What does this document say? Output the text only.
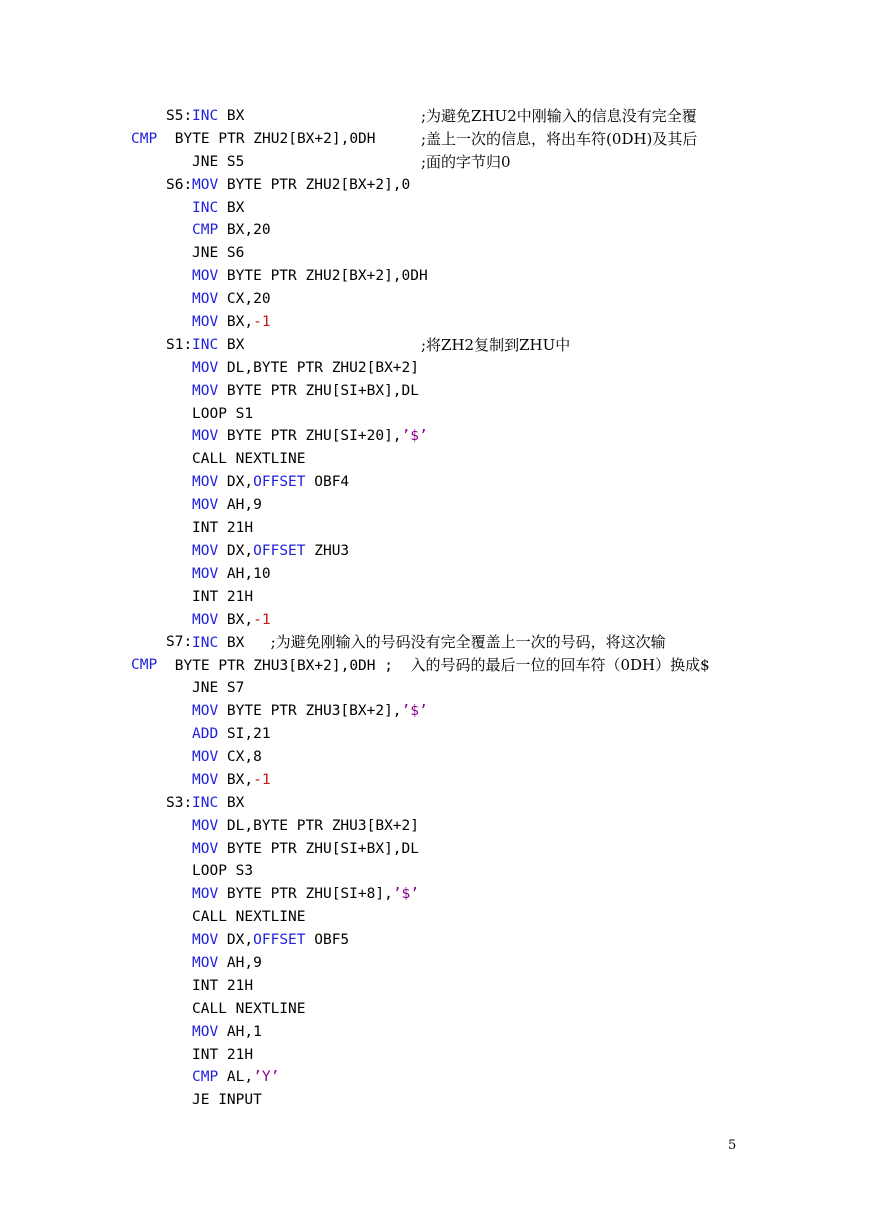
S5: INC BX	;为避免ZHU2中刚输入的信息没有完全覆
CMP BYTE PTR ZHU2[BX+2],0DH	;盖上一次的信息，将出车符(0DH)及其后
JNE S5	;面的字节归0
S6: MOV BYTE PTR ZHU2[BX+2],0
INC BX
CMP BX,20
JNE S6
MOV BYTE PTR ZHU2[BX+2],0DH
MOV CX,20
MOV BX,-1
S1: INC BX	;将ZH2复制到ZHU中
MOV DL,BYTE PTR ZHU2[BX+2]
MOV BYTE PTR ZHU[SI+BX],DL
LOOP S1
MOV BYTE PTR ZHU[SI+20],’$’
CALL NEXTLINE
MOV DX,OFFSET OBF4
MOV AH,9
INT 21H
MOV DX,OFFSET ZHU3
MOV AH,10
INT 21H
MOV BX,-1
S7: INC BX   ;为避免刚输入的号码没有完全覆盖上一次的号码，将这次输
CMP BYTE PTR ZHU3[BX+2],0DH ;  入的号码的最后一位的回车符（0DH）换成$
JNE S7
MOV BYTE PTR ZHU3[BX+2],’$’
ADD SI,21
MOV CX,8
MOV BX,-1
S3: INC BX
MOV DL,BYTE PTR ZHU3[BX+2]
MOV BYTE PTR ZHU[SI+BX],DL
LOOP S3
MOV BYTE PTR ZHU[SI+8],’$’
CALL NEXTLINE
MOV DX,OFFSET OBF5
MOV AH,9
INT 21H
CALL NEXTLINE
MOV AH,1
INT 21H
CMP AL,’Y’
JE INPUT
5
